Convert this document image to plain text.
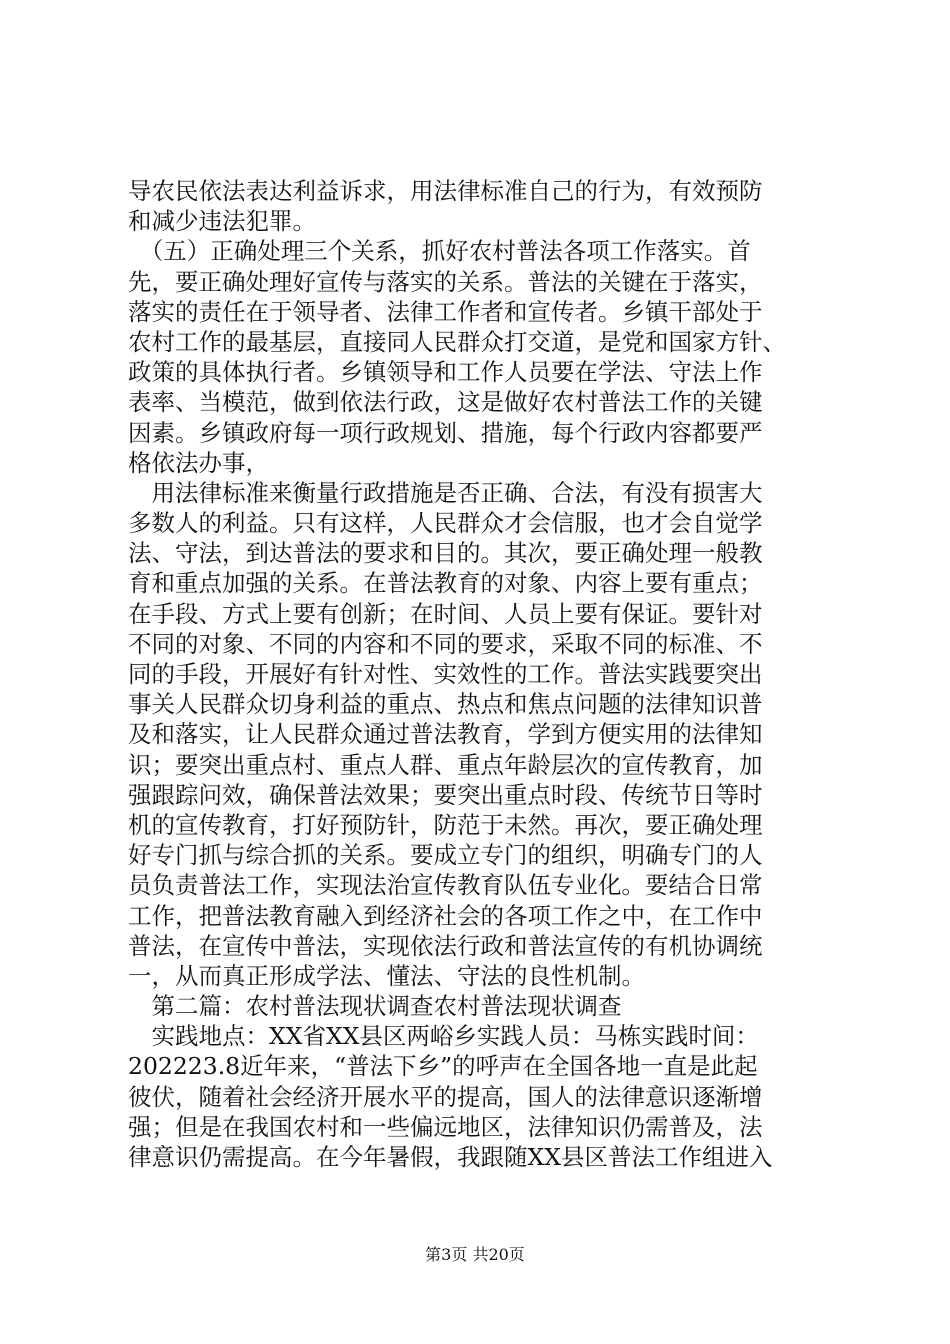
导农民依法表达利益诉求，用法律标准自己的行为，有效预防
和减少违法犯罪。
　（五）正确处理三个关系，抓好农村普法各项工作落实。首
先，要正确处理好宣传与落实的关系。普法的关键在于落实，
落实的责任在于领导者、法律工作者和宣传者。乡镇干部处于
农村工作的最基层，直接同人民群众打交道，是党和国家方针、
政策的具体执行者。乡镇领导和工作人员要在学法、守法上作
表率、当模范，做到依法行政，这是做好农村普法工作的关键
因素。乡镇政府每一项行政规划、措施，每个行政内容都要严
格依法办事，
　用法律标准来衡量行政措施是否正确、合法，有没有损害大
多数人的利益。只有这样，人民群众才会信服，也才会自觉学
法、守法，到达普法的要求和目的。其次，要正确处理一般教
育和重点加强的关系。在普法教育的对象、内容上要有重点；
在手段、方式上要有创新；在时间、人员上要有保证。要针对
不同的对象、不同的内容和不同的要求，采取不同的标准、不
同的手段，开展好有针对性、实效性的工作。普法实践要突出
事关人民群众切身利益的重点、热点和焦点问题的法律知识普
及和落实，让人民群众通过普法教育，学到方便实用的法律知
识；要突出重点村、重点人群、重点年龄层次的宣传教育，加
强跟踪问效，确保普法效果；要突出重点时段、传统节日等时
机的宣传教育，打好预防针，防范于未然。再次，要正确处理
好专门抓与综合抓的关系。要成立专门的组织，明确专门的人
员负责普法工作，实现法治宣传教育队伍专业化。要结合日常
工作，把普法教育融入到经济社会的各项工作之中，在工作中
普法，在宣传中普法，实现依法行政和普法宣传的有机协调统
一，从而真正形成学法、懂法、守法的良性机制。
　第二篇：农村普法现状调查农村普法现状调查
　实践地点：XX省XX县区两峪乡实践人员：马栋实践时间：
202223.8近年来，“普法下乡”的呼声在全国各地一直是此起
彼伏，随着社会经济开展水平的提高，国人的法律意识逐渐增
强；但是在我国农村和一些偏远地区，法律知识仍需普及，法
律意识仍需提高。在今年暑假，我跟随XX县区普法工作组进入
第3页 共20页
